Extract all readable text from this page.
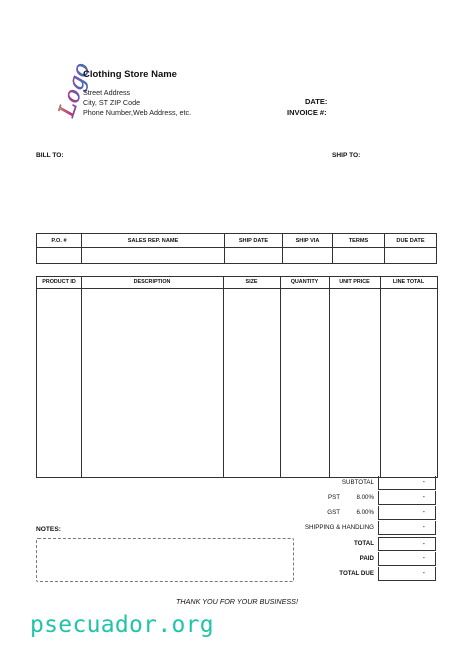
Logo
Clothing Store Name
Street Address
City, ST ZIP Code
Phone Number,Web Address, etc.
DATE:
INVOICE #:
BILL TO:	SHIP TO:
P.O. #	SALES REP. NAME	SHIP DATE	SHIP VIA	TERMS	DUE DATE

PRODUCT ID	DESCRIPTION	SIZE	QUANTITY	UNIT PRICE	LINE TOTAL
SUBTOTAL	-
PST	8.00%	-
GST	6.00%	-
SHIPPING & HANDLING	-
TOTAL	-
PAID	-
TOTAL DUE	-
NOTES:
THANK YOU FOR YOUR BUSINESS!
psecuador.org
